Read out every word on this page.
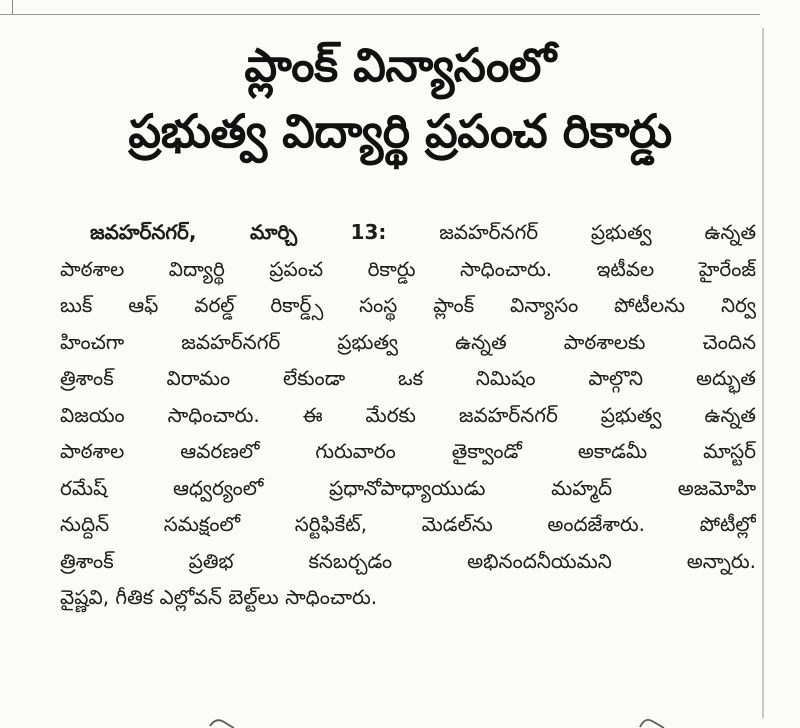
ప్లాంక్ విన్యాసంలో
ప్రభుత్వ విద్యార్థి ప్రపంచ రికార్డు
జవహర్‌నగర్, మార్చి 13:	జవహర్‌నగర్ ప్రభుత్వ ఉన్నత
పాఠశాల విద్యార్థి ప్రపంచ రికార్డు సాధించారు. ఇటీవల హైరేంజ్
బుక్ ఆఫ్ వరల్డ్ రికార్డ్స్ సంస్థ ప్లాంక్ విన్యాసం పోటీలను నిర్వ
హించగా జవహర్‌నగర్ ప్రభుత్వ ఉన్నత పాఠశాలకు చెందిన
త్రిశాంక్ విరామం లేకుండా ఒక నిమిషం పాల్గొని అద్భుత
విజయం సాధించారు. ఈ మేరకు జవహర్‌నగర్ ప్రభుత్వ ఉన్నత
పాఠశాల ఆవరణలో గురువారం తైక్వాండో అకాడమీ మాస్టర్
రమేష్ ఆధ్వర్యంలో ప్రధానోపాధ్యాయుడు మహ్మద్ అజమోహి
నుద్దిన్ సమక్షంలో సర్టిఫికేట్, మెడల్‌ను అందజేశారు. పోటీల్లో
త్రిశాంక్ ప్రతిభ కనబర్చడం అభినందనీయమని అన్నారు.
వైష్ణవి, గీతిక ఎల్లోవన్ బెల్ట్‌లు సాధించారు.
